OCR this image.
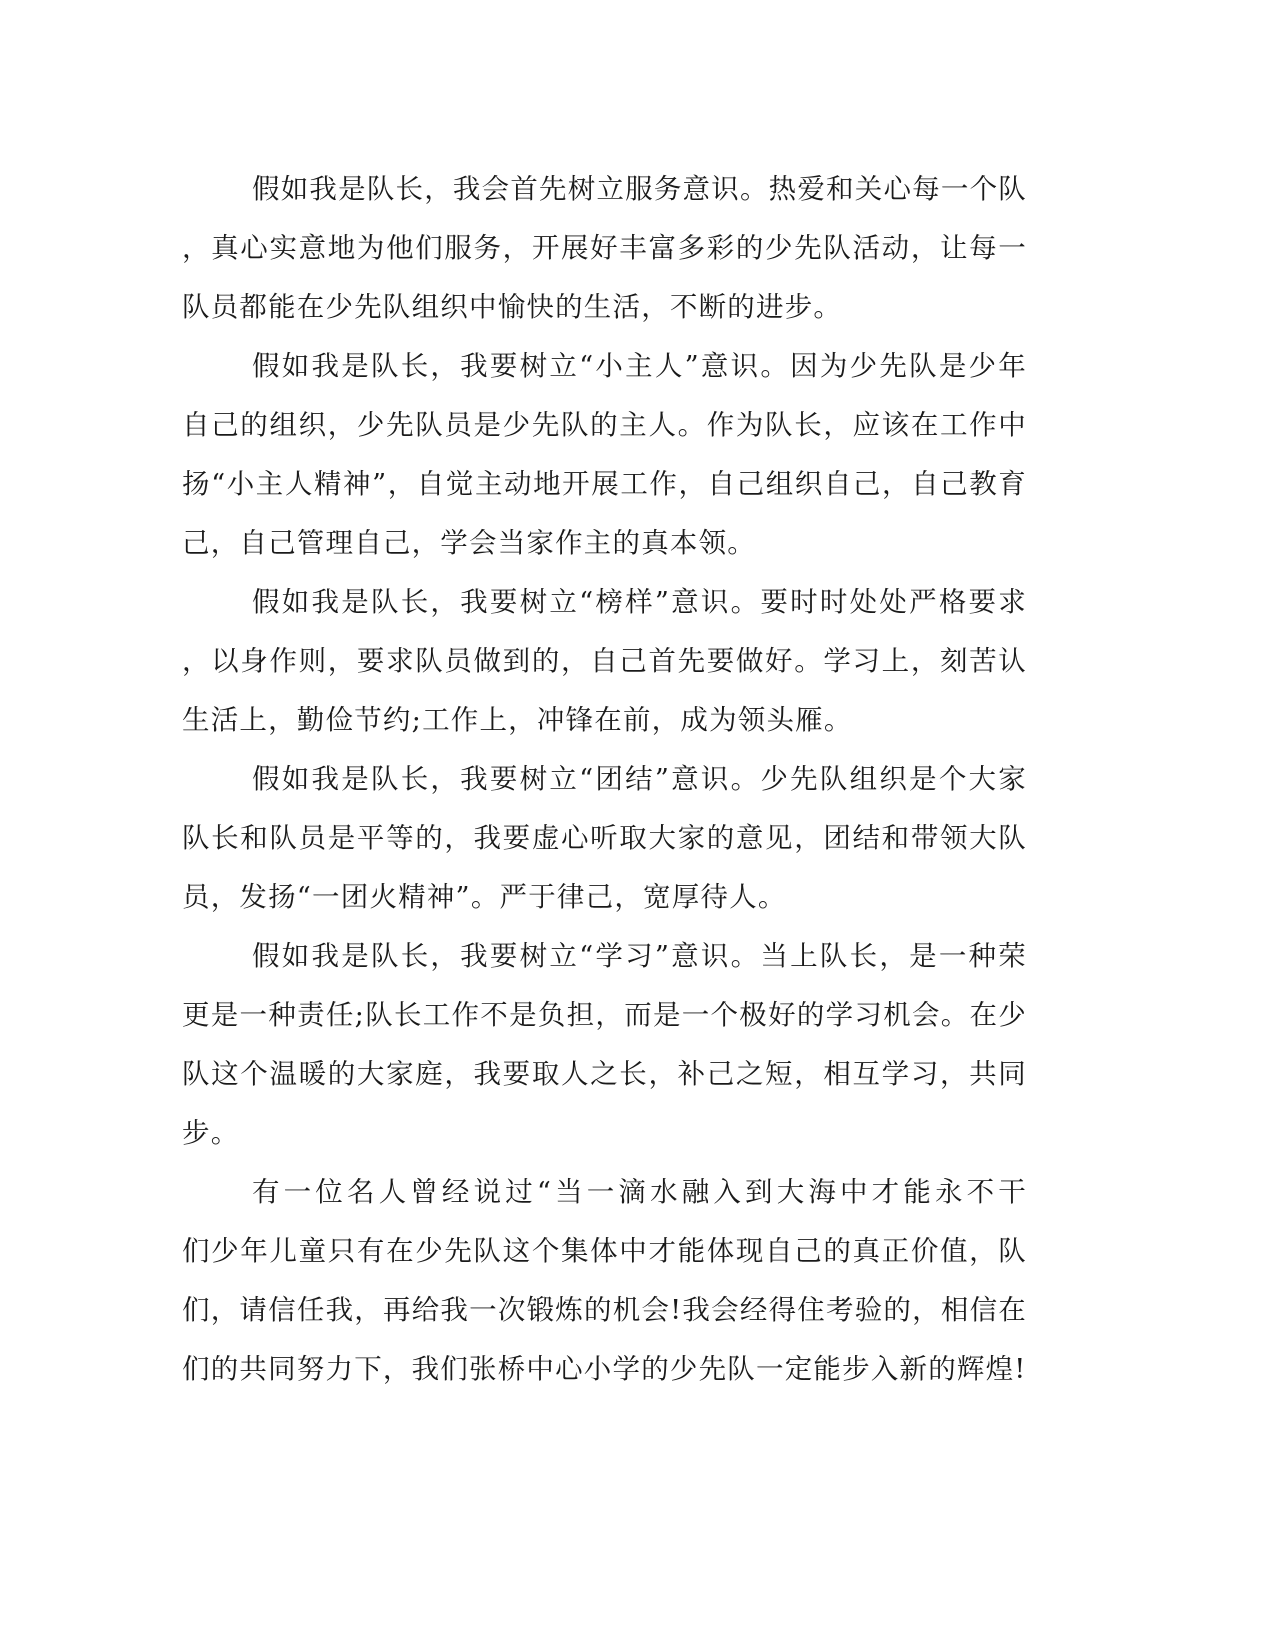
假如我是队长，我会首先树立服务意识。热爱和关心每一个队
，真心实意地为他们服务，开展好丰富多彩的少先队活动，让每一
队员都能在少先队组织中愉快的生活，不断的进步。
假如我是队长，我要树立“小主人”意识。因为少先队是少年
自己的组织，少先队员是少先队的主人。作为队长，应该在工作中
扬“小主人精神”，自觉主动地开展工作，自己组织自己，自己教育
己，自己管理自己，学会当家作主的真本领。
假如我是队长，我要树立“榜样”意识。要时时处处严格要求
，以身作则，要求队员做到的，自己首先要做好。学习上，刻苦认
生活上，勤俭节约;工作上，冲锋在前，成为领头雁。
假如我是队长，我要树立“团结”意识。少先队组织是个大家
队长和队员是平等的，我要虚心听取大家的意见，团结和带领大队
员，发扬“一团火精神”。严于律己，宽厚待人。
假如我是队长，我要树立“学习”意识。当上队长，是一种荣
更是一种责任;队长工作不是负担，而是一个极好的学习机会。在少
队这个温暖的大家庭，我要取人之长，补己之短，相互学习，共同
步。
有一位名人曾经说过“当一滴水融入到大海中才能永不干
们少年儿童只有在少先队这个集体中才能体现自己的真正价值，队
们，请信任我，再给我一次锻炼的机会!我会经得住考验的，相信在
们的共同努力下，我们张桥中心小学的少先队一定能步入新的辉煌!
